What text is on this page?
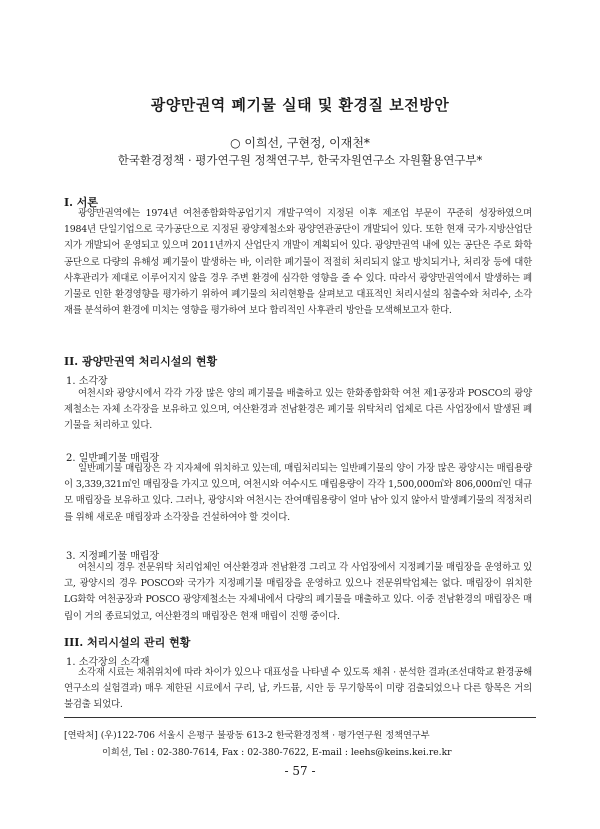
광양만권역 폐기물 실태 및 환경질 보전방안
○ 이희선, 구현정, 이재천*
한국환경정책 · 평가연구원 정책연구부, 한국자원연구소 자원활용연구부*
I. 서론

광양만권역에는 1974년 여천종합화학공업기지 개발구역이 지정된 이후 제조업 부문이 꾸준히 성장하였으며 1984년 단일기업으로 국가공단으로 지정된 광양제철소와 광양연관공단이 개발되어 있다. 또한 현재 국가·지방산업단지가 개발되어 운영되고 있으며 2011년까지 산업단지 개발이 계획되어 있다. 광양만권역 내에 있는 공단은 주로 화학공단으로 다량의 유해성 폐기물이 발생하는 바, 이러한 폐기물이 적절히 처리되지 않고 방치되거나, 처리장 등에 대한 사후관리가 제대로 이루어지지 않을 경우 주변 환경에 심각한 영향을 줄 수 있다. 따라서 광양만권역에서 발생하는 폐기물로 인한 환경영향을 평가하기 위하여 폐기물의 처리현황을 살펴보고 대표적인 처리시설의 침출수와 처리수, 소각재를 분석하여 환경에 미치는 영향을 평가하여 보다 합리적인 사후관리 방안을 모색해보고자 한다.

II. 광양만권역 처리시설의 현황
1. 소각장

여천시와 광양시에서 각각 가장 많은 양의 폐기물을 배출하고 있는 한화종합화학 여천 제1공장과 POSCO의 광양제철소는 자체 소각장을 보유하고 있으며, 여산환경과 전남환경은 폐기물 위탁처리 업체로 다른 사업장에서 발생된 폐기물을 처리하고 있다.

2. 일반폐기물 매립장

일반폐기물 매립장은 각 지자체에 위치하고 있는데, 매립처리되는 일반폐기물의 양이 가장 많은 광양시는 매립용량이 3,339,321㎥인 매립장을 가지고 있으며, 여천시와 여수시도 매립용량이 각각 1,500,000㎥와 806,000㎥인 대규모 매립장을 보유하고 있다. 그러나, 광양시와 여천시는 잔여매립용량이 얼마 남아 있지 않아서 발생폐기물의 적정처리를 위해 새로운 매립장과 소각장을 건설하여야 할 것이다.

3. 지정폐기물 매립장

여천시의 경우 전문위탁 처리업체인 여산환경과 전남환경 그리고 각 사업장에서 지정폐기물 매립장을 운영하고 있고, 광양시의 경우 POSCO와 국가가 지정폐기물 매립장을 운영하고 있으나 전문위탁업체는 없다. 매립장이 위치한 LG화학 여천공장과 POSCO 광양제철소는 자체내에서 다량의 폐기물을 매출하고 있다. 이중 전남환경의 매립장은 매립이 거의 종료되었고, 여산환경의 매립장은 현재 매립이 진행 중이다.

III. 처리시설의 관리 현황
1. 소각장의 소각재

소각재 시료는 채취위치에 따라 차이가 있으나 대표성을 나타낼 수 있도록 채취 · 분석한 결과(조선대학교 환경공해연구소의 실험결과) 매우 제한된 시료에서 구리, 납, 카드뮴, 시안 등 무기항목이 미량 검출되었으나 다른 항목은 거의 불검출 되었다.

[연락처] (우)122-706 서울시 은평구 불광동 613-2 한국환경정책 · 평가연구원 정책연구부
이희선, Tel : 02-380-7614, Fax : 02-380-7622, E-mail : leehs@keins.kei.re.kr

- 57 -
